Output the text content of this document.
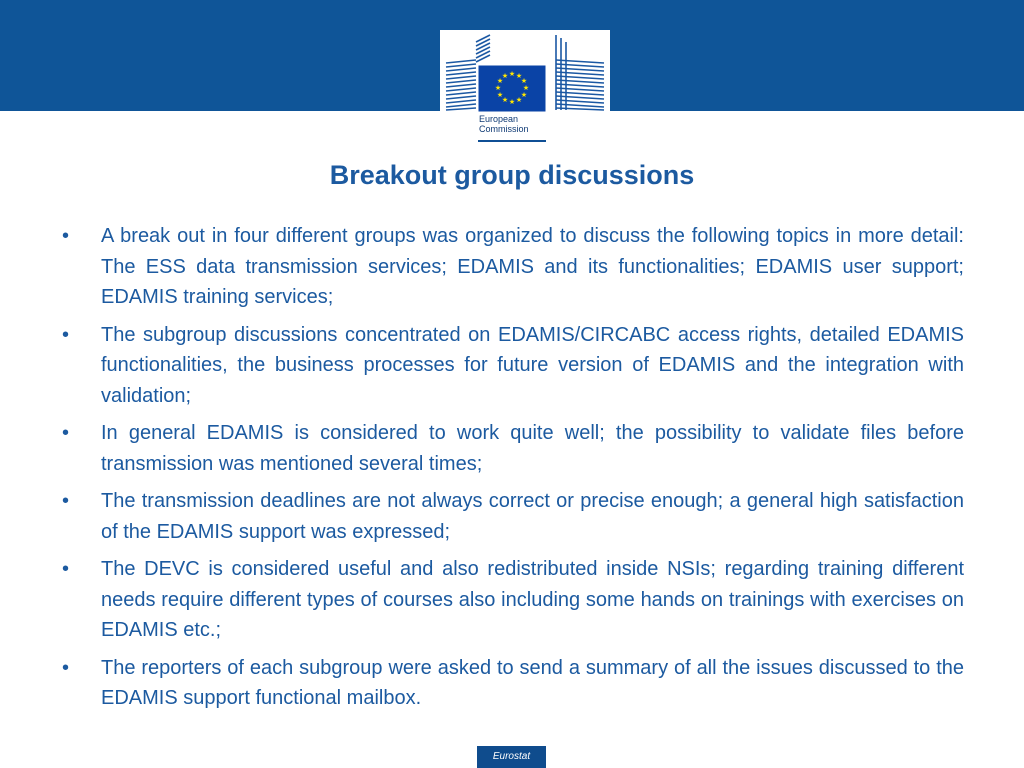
★ ★
★
★
★
★
★
★
★
★
★
★
European
Commission
Breakout group discussions
•	A break out in four different groups was organized to discuss the following topics in more detail: The ESS data transmission services; EDAMIS and its functionalities; EDAMIS user support; EDAMIS training services;
•	The subgroup discussions concentrated on EDAMIS/CIRCABC access rights, detailed EDAMIS functionalities, the business processes for future version of EDAMIS and the integration with validation;
•	In general EDAMIS is considered to work quite well; the possibility to validate files before transmission was mentioned several times;
•	The transmission deadlines are not always correct or precise enough; a general high satisfaction of the EDAMIS support was expressed;
•	The DEVC is considered useful and also redistributed inside NSIs; regarding training different needs require different types of courses also including some hands on trainings with exercises on EDAMIS etc.;
•	The reporters of each subgroup were asked to send a summary of all the issues discussed to the EDAMIS support functional mailbox.
Eurostat
